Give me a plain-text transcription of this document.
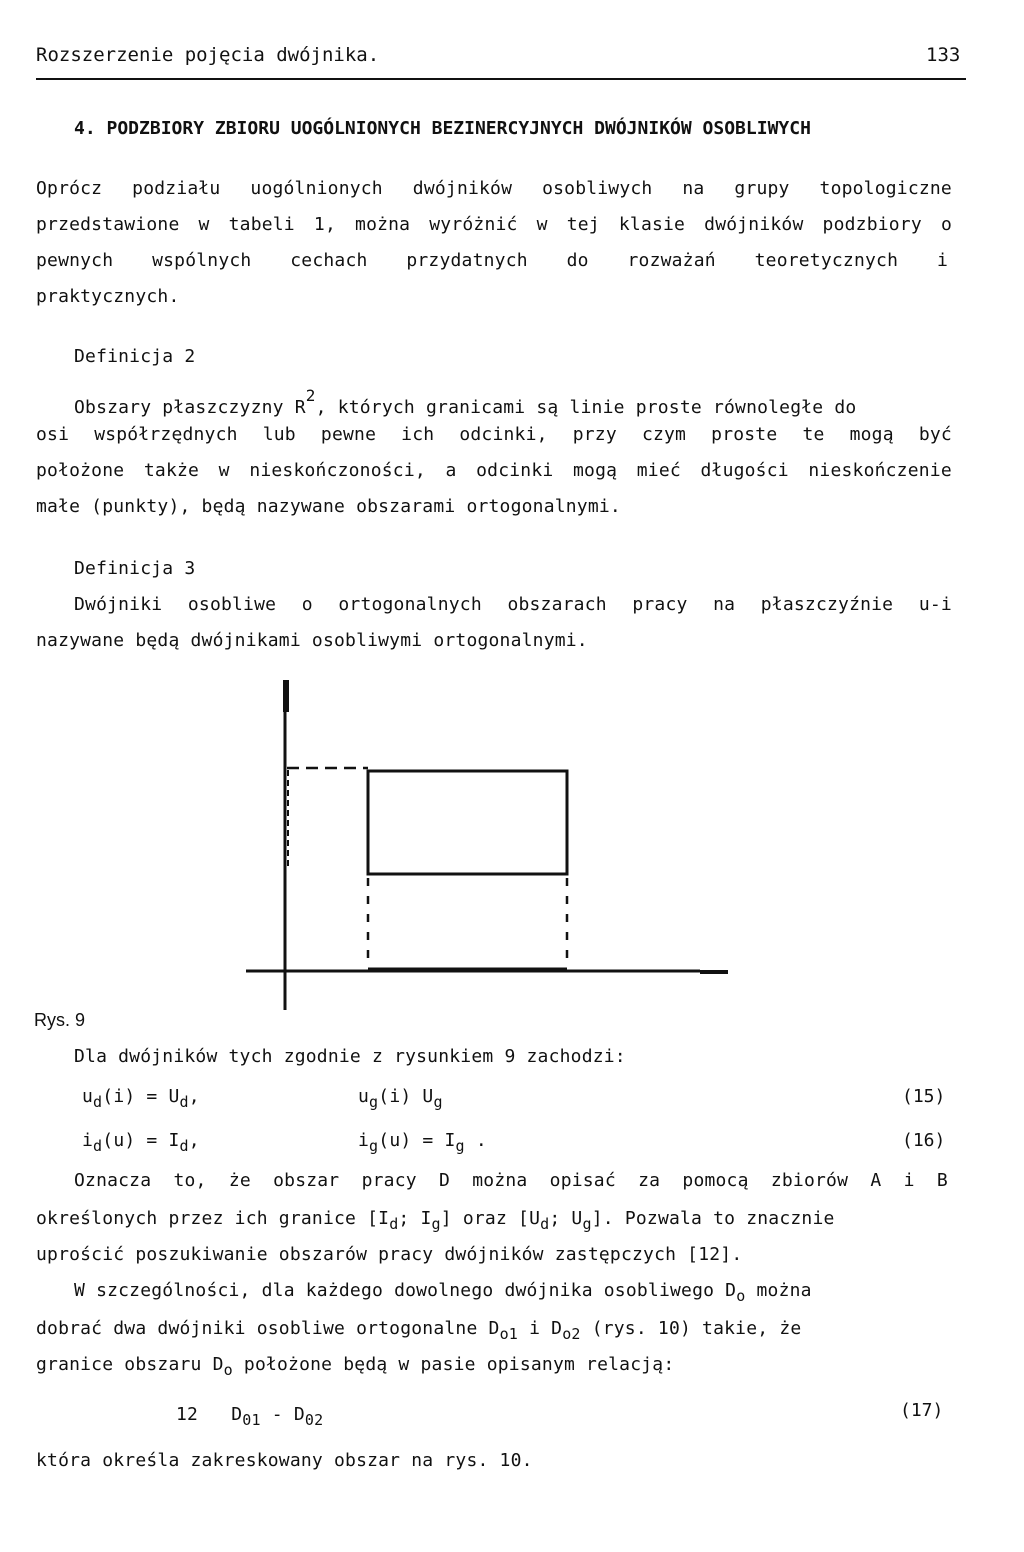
Rozszerzenie pojęcia dwójnika.	133
4. PODZBIORY ZBIORU UOGÓLNIONYCH BEZINERCYJNYCH DWÓJNIKÓW OSOBLIWYCH
Oprócz podziału uogólnionych dwójników osobliwych na grupy topologiczne
przedstawione w tabeli 1, można wyróżnić w tej klasie dwójników podzbiory o
pewnych wspólnych cechach przydatnych do rozważań teoretycznych i
praktycznych.
Definicja 2
Obszary płaszczyzny $R^2$, których granicami są linie proste równoległe do
osi współrzędnych lub pewne ich odcinki, przy czym proste te mogą być
położone także w nieskończoności, a odcinki mogą mieć długości nieskończenie
małe (punkty), będą nazywane obszarami ortogonalnymi.
Definicja 3
Dwójniki osobliwe o ortogonalnych obszarach pracy na płaszczyźnie u-i
nazywane będą dwójnikami osobliwymi ortogonalnymi.
Rys. 9
Dla dwójników tych zgodnie z rysunkiem 9 zachodzi:
$u_d(i) = U_d$,	$u_g(i)$ $U_g$	(15)
$i_d(u) = I_d$,	$i_g(u) = I_g$ .	(16)
Oznacza to, że obszar pracy D można opisać za pomocą zbiorów A i B
określonych przez ich granice [$I_d$; $I_g$] oraz [$U_d$; $U_g$]. Pozwala to znacznie
uprościć poszukiwanie obszarów pracy dwójników zastępczych [12].
W szczególności, dla każdego dowolnego dwójnika osobliwego $D_o$ można
dobrać dwa dwójniki osobliwe ortogonalne $D_{o1}$ i $D_{o2}$ (rys. 10) takie, że
granice obszaru $D_o$ położone będą w pasie opisanym relacją:
12 $D_{01} - D_{02}$	(17)
która określa zakreskowany obszar na rys. 10.
